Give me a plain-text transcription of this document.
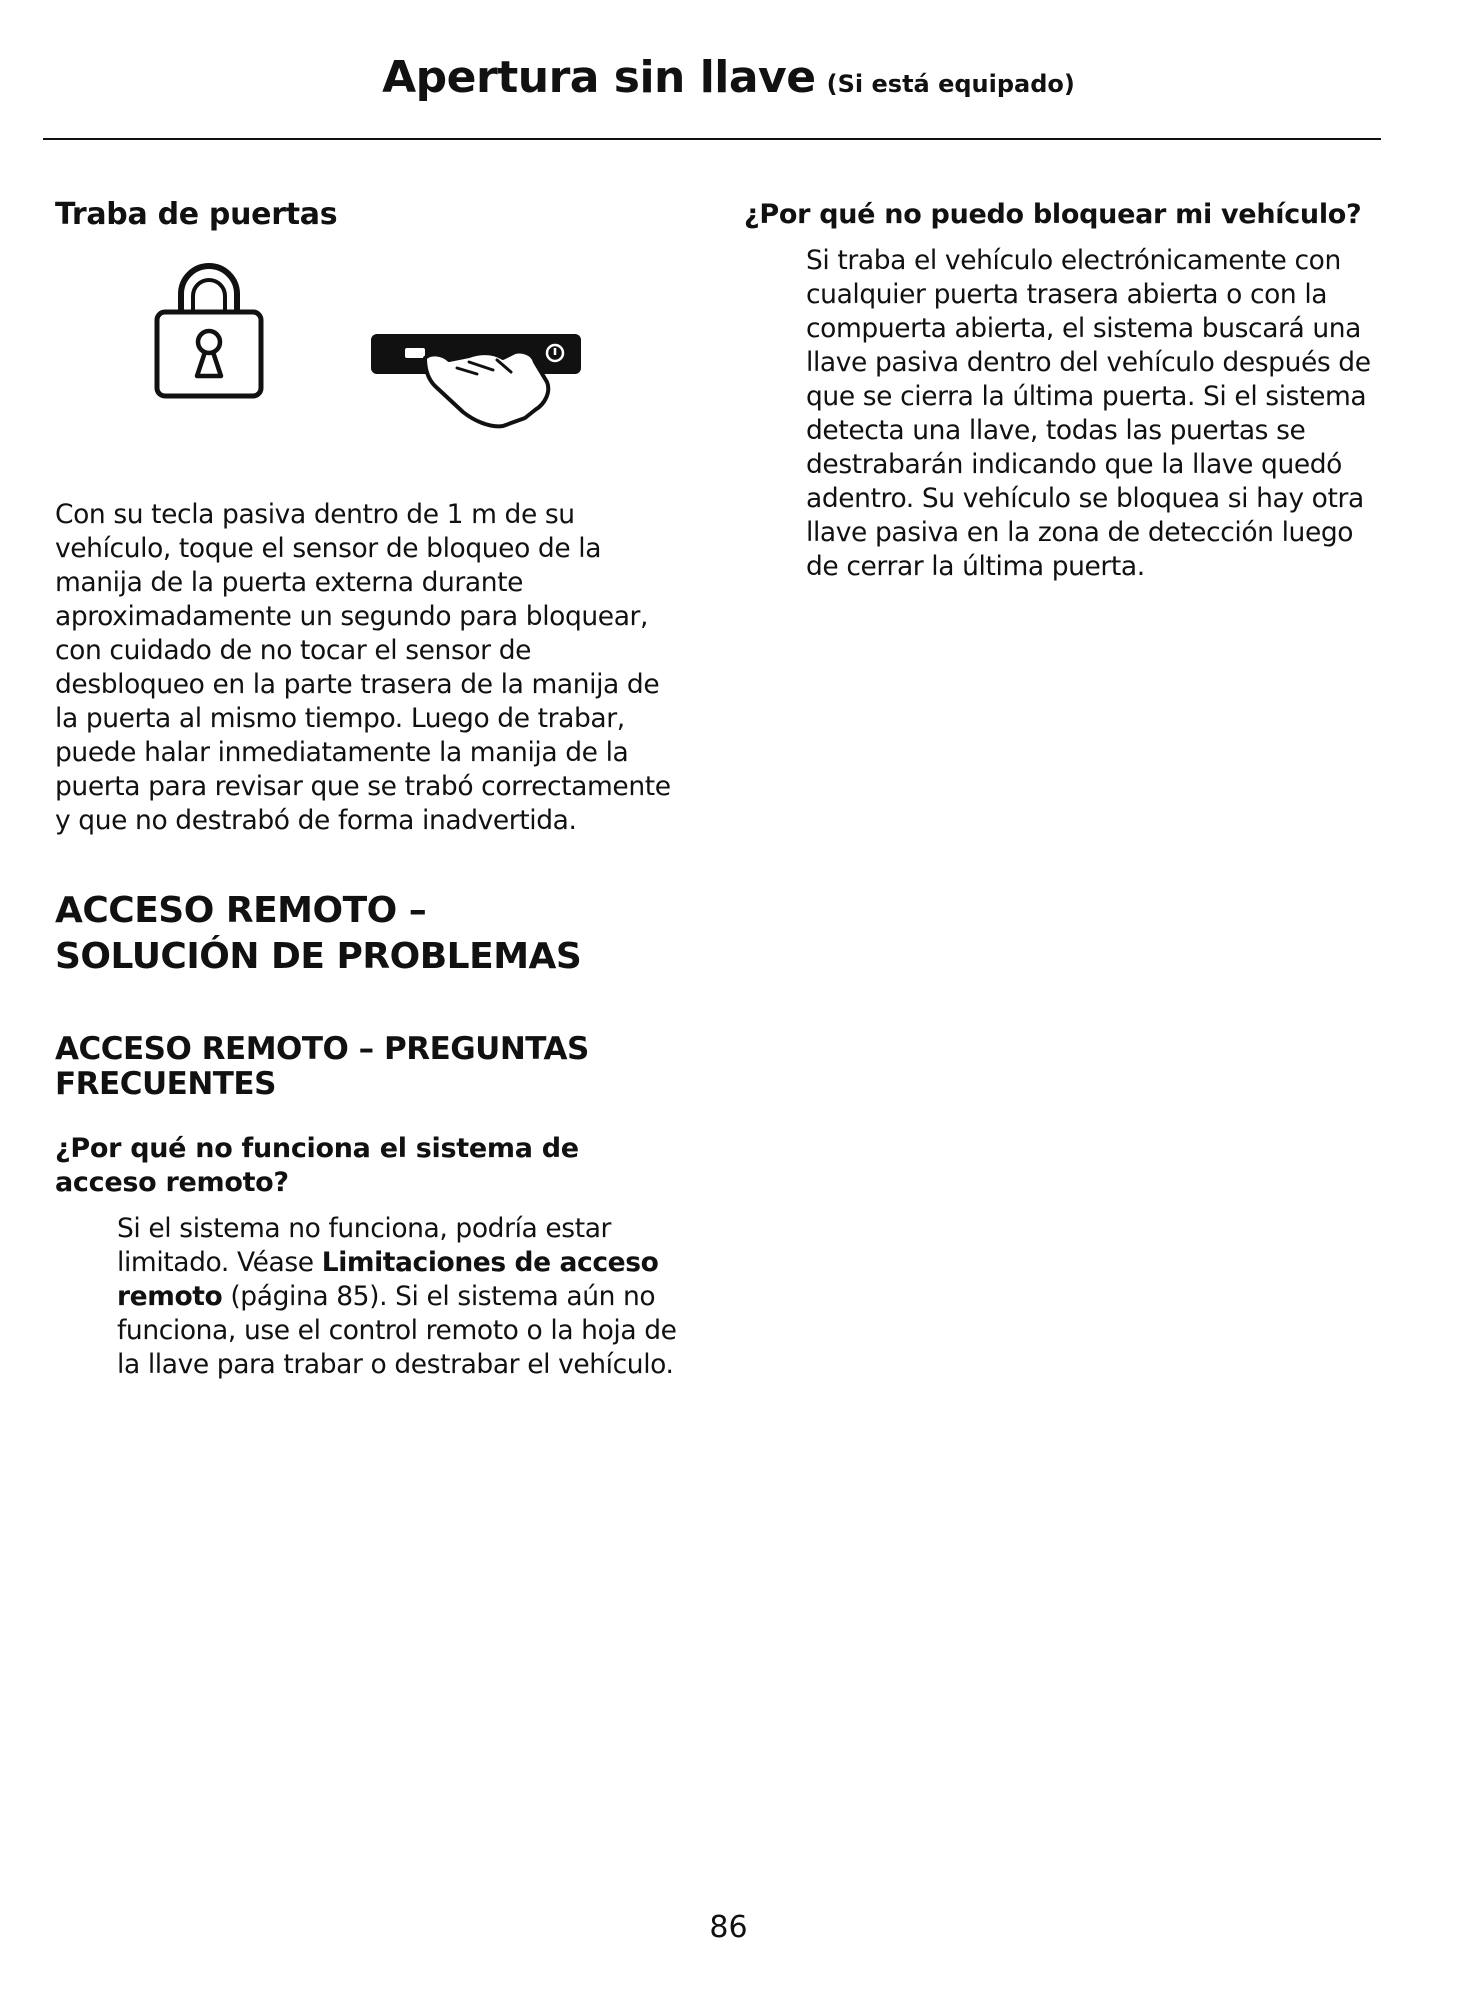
Apertura sin llave (Si está equipado)
Traba de puertas

Con su tecla pasiva dentro de 1 m de su vehículo, toque el sensor de bloqueo de la manija de la puerta externa durante aproximadamente un segundo para bloquear, con cuidado de no tocar el sensor de desbloqueo en la parte trasera de la manija de la puerta al mismo tiempo. Luego de trabar, puede halar inmediatamente la manija de la puerta para revisar que se trabó correctamente y que no destrabó de forma inadvertida.

ACCESO REMOTO –
SOLUCIÓN DE PROBLEMAS
ACCESO REMOTO – PREGUNTAS
FRECUENTES
¿Por qué no funciona el sistema de acceso remoto?

Si el sistema no funciona, podría estar limitado. Véase Limitaciones de acceso remoto (página 85). Si el sistema aún no funciona, use el control remoto o la hoja de la llave para trabar o destrabar el vehículo.

¿Por qué no puedo bloquear mi vehículo?

Si traba el vehículo electrónicamente con cualquier puerta trasera abierta o con la compuerta abierta, el sistema buscará una llave pasiva dentro del vehículo después de que se cierra la última puerta. Si el sistema detecta una llave, todas las puertas se destrabarán indicando que la llave quedó adentro. Su vehículo se bloquea si hay otra llave pasiva en la zona de detección luego de cerrar la última puerta.

86
